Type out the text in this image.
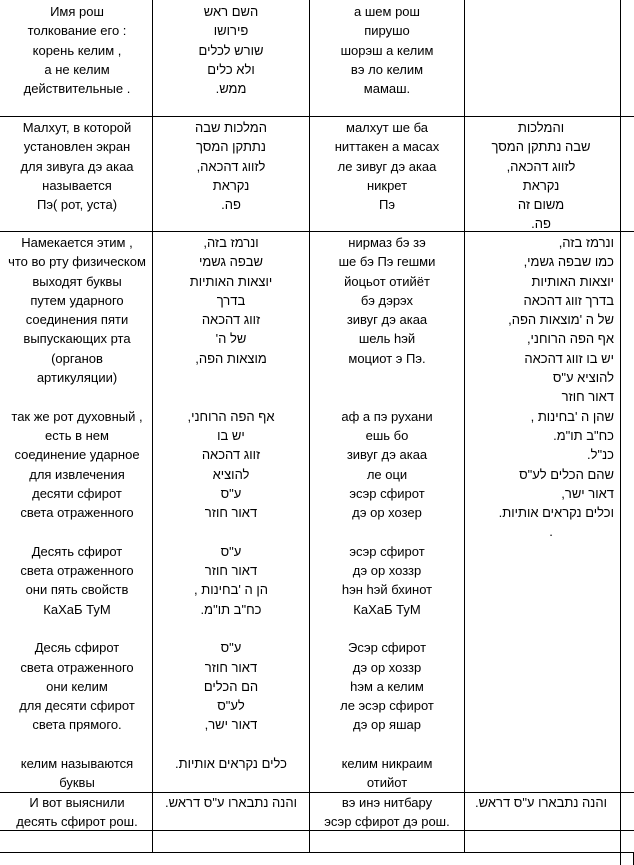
Имя рош
толкование его :
корень келим ,
а не келим
действительные .
השם ראש
פירושו
שורש לכלים
ולא כלים
ממש.
а шем рош
пирушо
шорэш а келим
вэ ло келим
мамаш.
Малхут, в которой
установлен экран
для зивуга дэ акаа
называется
Пэ( рот, уста)
המלכות שבה
נתתקן המסך
לזווג דהכאה,
נקראת
פה.
малхут ше ба
ниттакен а масах
ле зивуг дэ акаа
никрет
Пэ
והמלכות
שבה נתתקן המסך
לזווג דהכאה,
נקראת
משום זה
פה.
Намекается этим ,
что во рту физическом
выходят буквы
путем ударного
соединения пяти
выпускающих рта
(органов
артикуляции)
так же рот духовный ,
есть в нем
соединение ударное
для извлечения
десяти сфирот
света отраженного
Десять сфирот
света отраженного
они пять свойств
КаХаБ ТуМ
Десяь сфирот
света отраженного
они келим
для десяти сфирот
света прямого.
келим называются
буквы
ונרמז בזה,
שבפה גשמי
יוצאות האותיות
בדרך
זווג דהכאה
של ה'
מוצאות הפה,
אף הפה הרוחני,
יש בו
זווג דהכאה
להוציא
ע"ס
דאור חוזר
ע"ס
דאור חוזר
הן ה 'בחינות ,
כח"ב תו"מ.
ע"ס
דאור חוזר
הם הכלים
לע"ס
דאור ישר,
כלים נקראים אותיות.
нирмаз бэ зэ
ше бэ Пэ гешми
йоцьот отийёт
бэ дэрэх
зивуг дэ акаа
шель hэй
моциот э Пэ.
аф а пэ рухани
ешь бо
зивуг дэ акаа
ле оци
эсэр сфирот
дэ ор хозер
эсэр сфирот
дэ ор хоззр
hэн hэй бхинот
КаХаБ ТуМ
Эсэр сфирот
дэ ор хоззр
hэм а келим
ле эсэр сфирот
дэ ор яшар
келим никраим
отийот
ונרמז בזה,
כמו שבפה גשמי,
יוצאות האותיות
בדרך זווג דהכאה
של ה 'מוצאות הפה,
אף הפה הרוחני,
יש בו זווג דהכאה
להוציא ע"ס
דאור חוזר
שהן ה 'בחינות ,
כח"ב תו"מ.
כנ"ל.
שהם הכלים לע"ס
דאור ישר,
וכלים נקראים אותיות.
.
И вот выяснили
десять сфирот рош.
והנה נתבארו ע"ס דראש.	вэ инэ нитбару
эсэр сфирот дэ рош.
והנה נתבארו ע"ס דראש.
